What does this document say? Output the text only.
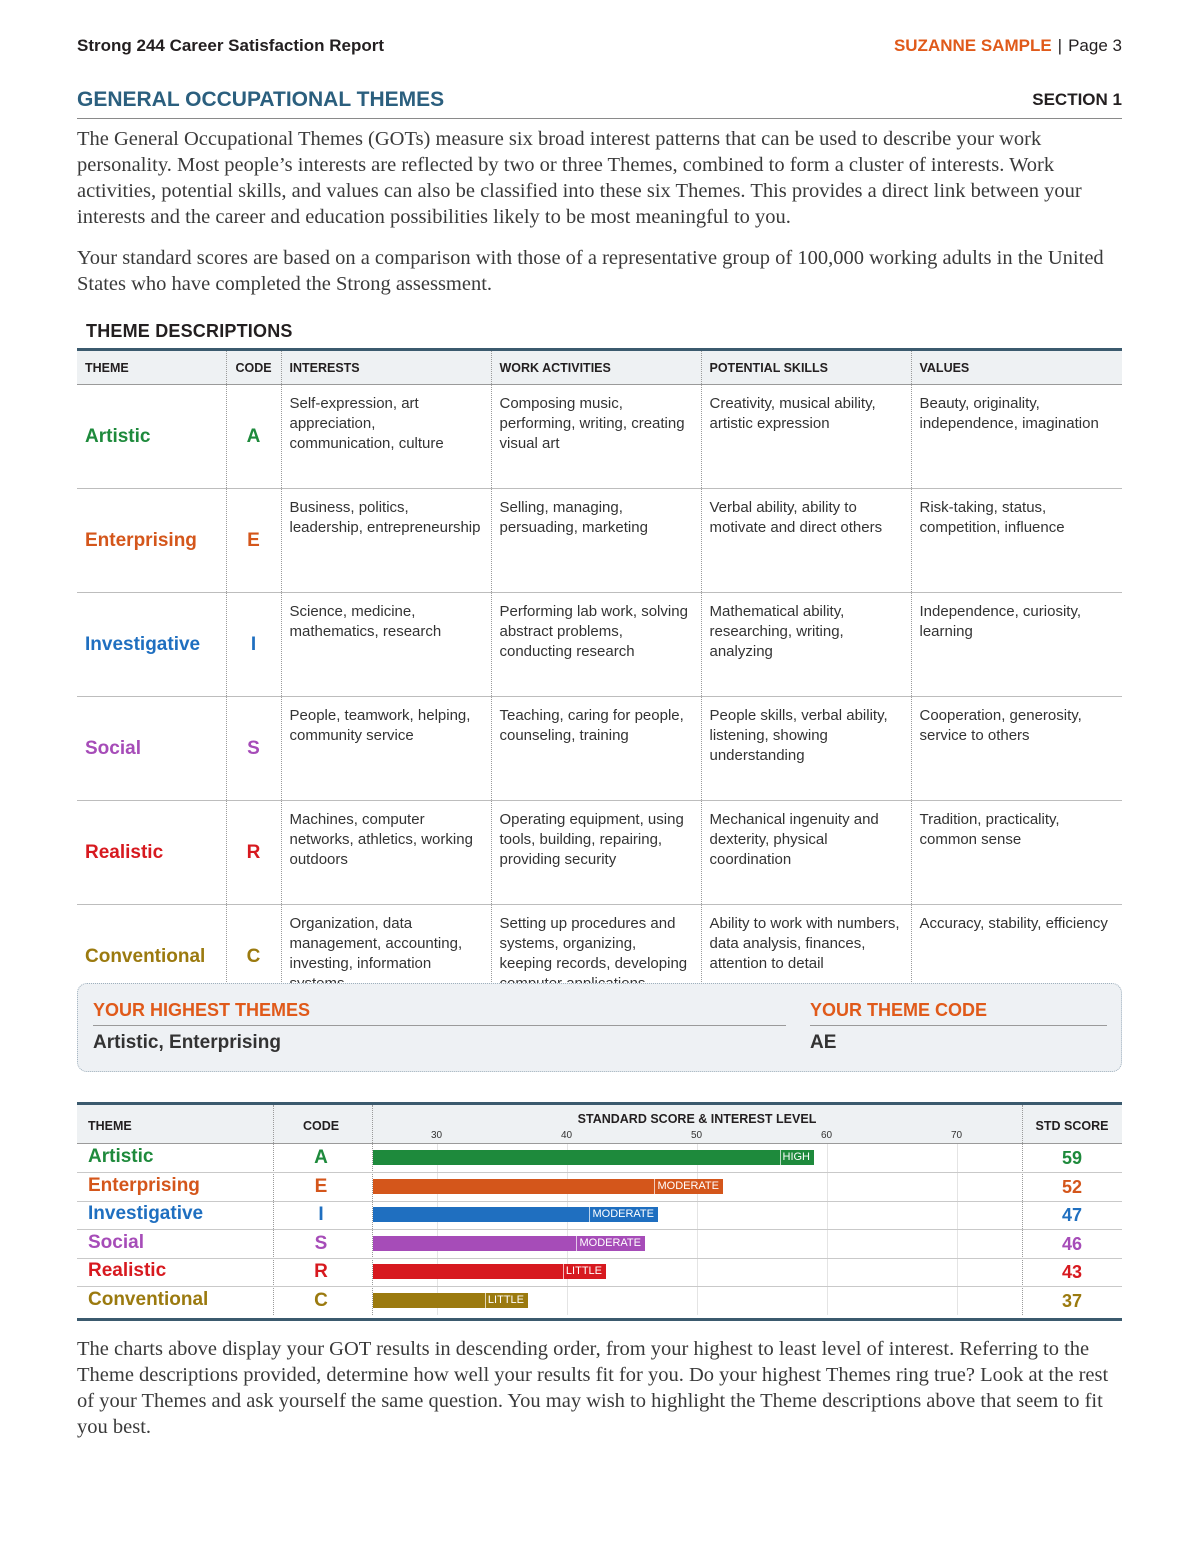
Strong 244 Career Satisfaction Report	SUZANNE SAMPLE | Page 3
GENERAL OCCUPATIONAL THEMES	SECTION 1

The General Occupational Themes (GOTs) measure six broad interest patterns that can be used to describe your work personality. Most people’s interests are reflected by two or three Themes, combined to form a cluster of interests. Work activities, potential skills, and values can also be classified into these six Themes. This provides a direct link between your interests and the career and education possibilities likely to be most meaningful to you.

Your standard scores are based on a comparison with those of a representative group of 100,000 working adults in the United States who have completed the Strong assessment.

THEME DESCRIPTIONS
THEME	CODE	INTERESTS	WORK ACTIVITIES	POTENTIAL SKILLS	VALUES
Artistic	A	Self-expression, art appreciation, communication, culture	Composing music, performing, writing, creating visual art	Creativity, musical ability, artistic expression	Beauty, originality, independence, imagination
Enterprising	E	Business, politics, leadership, entrepreneurship	Selling, managing, persuading, marketing	Verbal ability, ability to motivate and direct others	Risk-taking, status, competition, influence
Investigative	I	Science, medicine, mathematics, research	Performing lab work, solving abstract problems, conducting research	Mathematical ability, researching, writing, analyzing	Independence, curiosity, learning
Social	S	People, teamwork, helping, community service	Teaching, caring for people, counseling, training	People skills, verbal ability, listening, showing understanding	Cooperation, generosity, service to others
Realistic	R	Machines, computer networks, athletics, working outdoors	Operating equipment, using tools, building, repairing, providing security	Mechanical ingenuity and dexterity, physical coordination	Tradition, practicality, common sense
Conventional	C	Organization, data management, accounting, investing, information	Setting up procedures and systems, organizing, keeping records, developing	Ability to work with numbers, data analysis, finances, attention to detail	Accuracy, stability, efficiency
YOUR HIGHEST THEMES
Artistic, Enterprising
YOUR THEME CODE
AE
THEME	CODE	STANDARD SCORE & INTEREST LEVEL	STD SCORE
30	40	50	60	70
Artistic	A	HIGH	59
Enterprising	E	MODERATE	52
Investigative	I	MODERATE	47
Social	S	MODERATE	46
Realistic	R	LITTLE	43
Conventional	C	LITTLE	37

The charts above display your GOT results in descending order, from your highest to least level of interest. Referring to the Theme descriptions provided, determine how well your results fit for you. Do your highest Themes ring true? Look at the rest of your Themes and ask yourself the same question. You may wish to highlight the Theme descriptions above that seem to fit you best.
